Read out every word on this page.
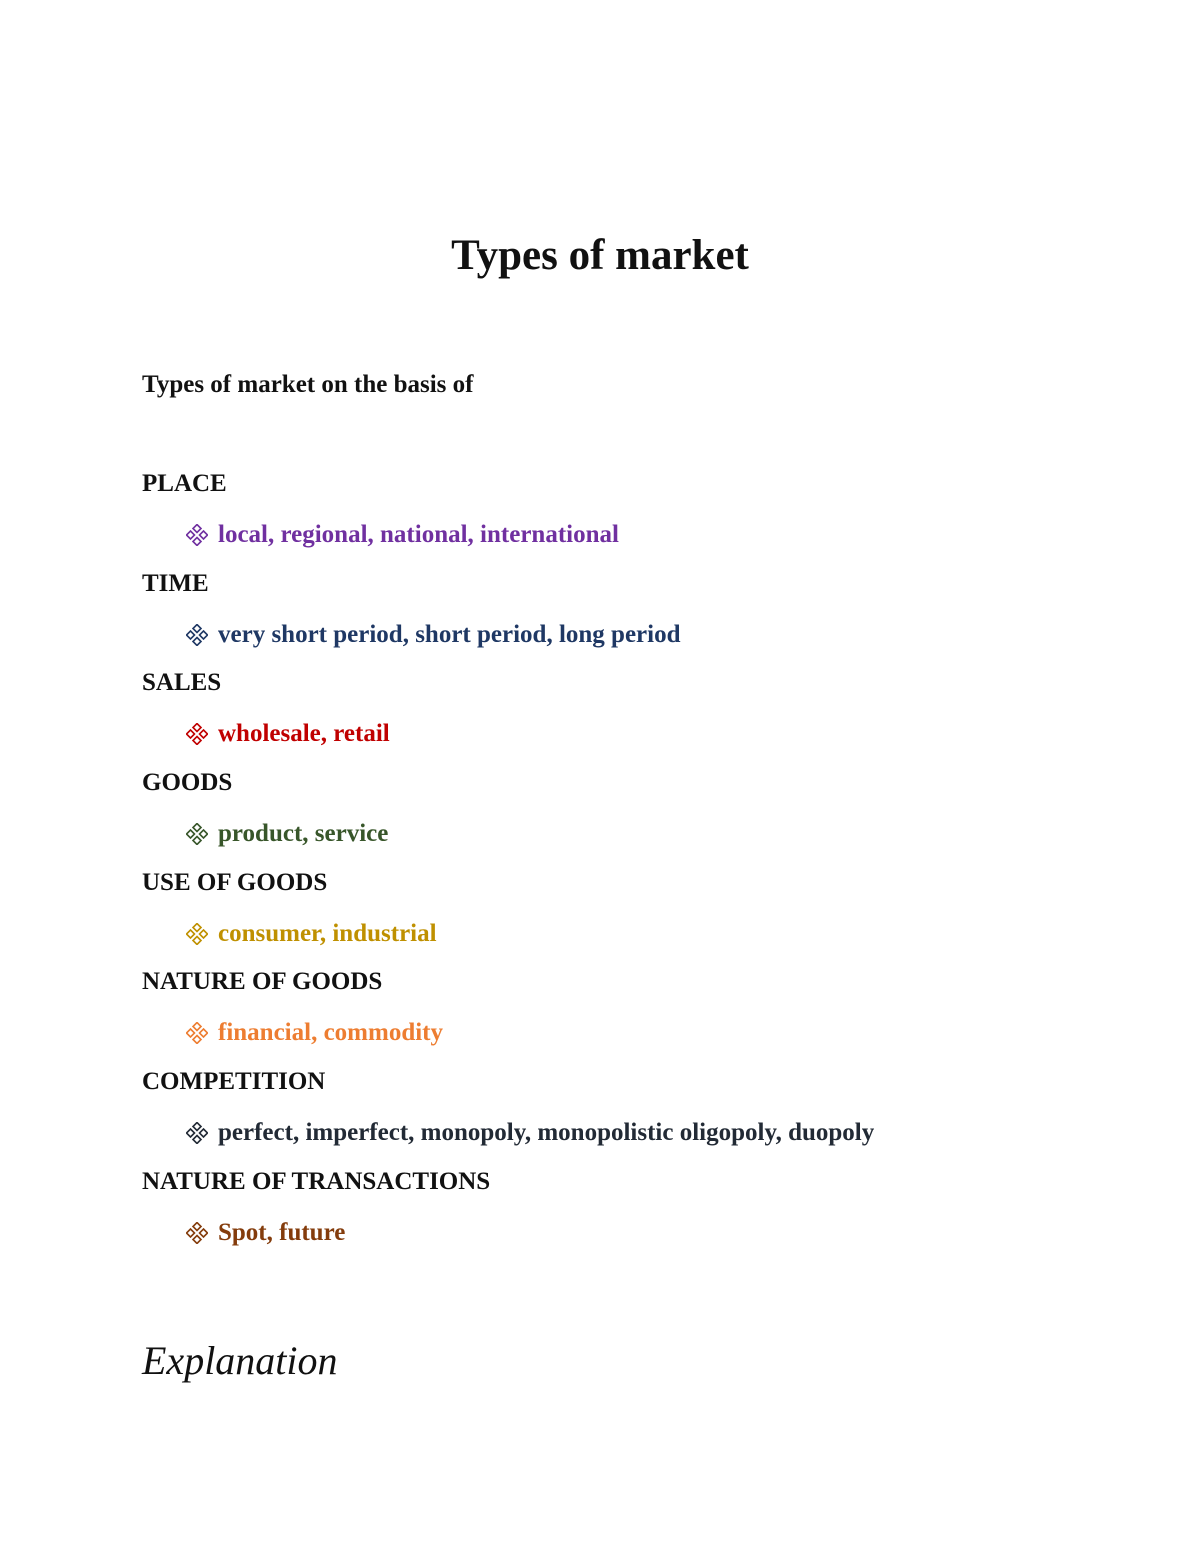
Types of market

Types of market on the basis of

PLACE

local, regional, national, international

TIME

very short period, short period, long period

SALES

wholesale, retail

GOODS

product, service

USE OF GOODS

consumer, industrial

NATURE OF GOODS

financial, commodity

COMPETITION

perfect, imperfect, monopoly, monopolistic oligopoly, duopoly

NATURE OF TRANSACTIONS

Spot, future
Explanation
